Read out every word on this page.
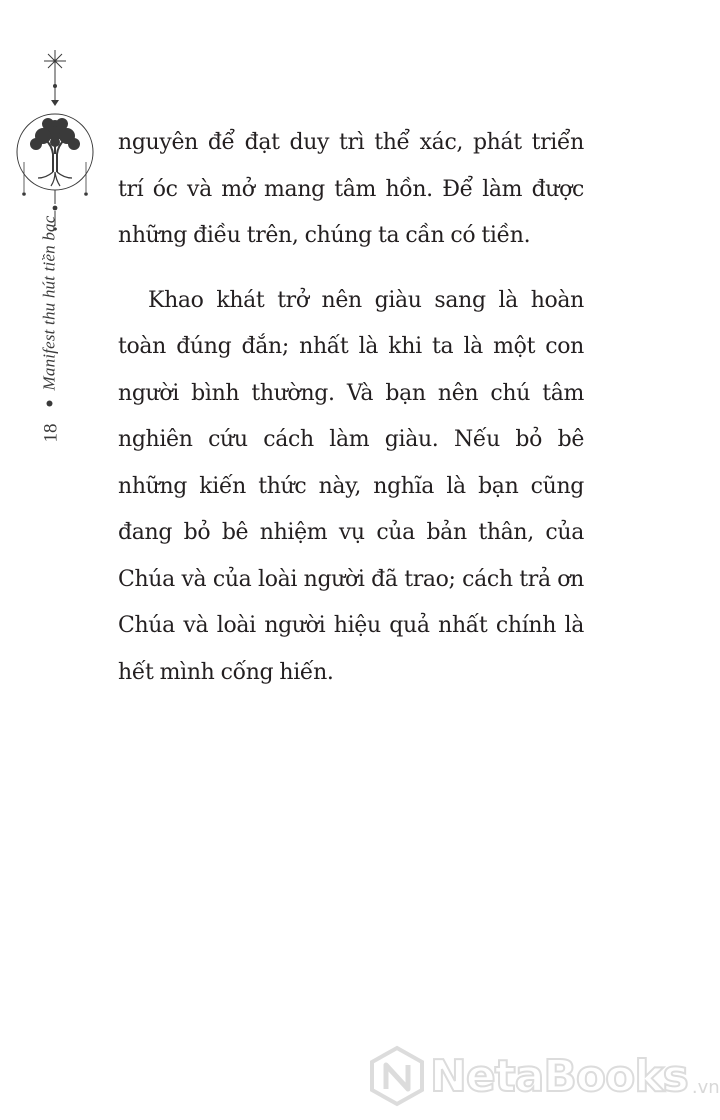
Manifest thu hút tiền bạc
18

nguyên để đạt duy trì thể xác, phát triển trí óc và mở mang tâm hồn. Để làm được những điều trên, chúng ta cần có tiền.

Khao khát trở nên giàu sang là hoàn toàn đúng đắn; nhất là khi ta là một con người bình thường. Và bạn nên chú tâm nghiên cứu cách làm giàu. Nếu bỏ bê những kiến thức này, nghĩa là bạn cũng đang bỏ bê nhiệm vụ của bản thân, của Chúa và của loài người đã trao; cách trả ơn Chúa và loài người hiệu quả nhất chính là hết mình cống hiến.

NetaBooks .vn
